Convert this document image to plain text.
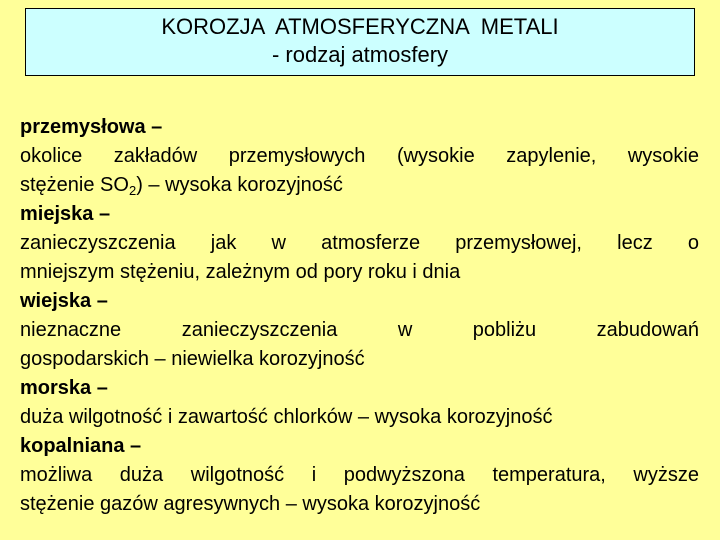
KOROZJA  ATMOSFERYCZNA  METALI
- rodzaj atmosfery
przemysłowa –
okolice zakładów przemysłowych (wysokie zapylenie, wysokie
stężenie $SO_2$) – wysoka korozyjność
miejska –
zanieczyszczenia jak w atmosferze przemysłowej, lecz o
mniejszym stężeniu, zależnym od pory roku i dnia
wiejska –
nieznaczne zanieczyszczenia w pobliżu zabudowań
gospodarskich – niewielka korozyjność
morska –
duża wilgotność i zawartość chlorków – wysoka korozyjność
kopalniana –
możliwa duża wilgotność i podwyższona temperatura, wyższe
stężenie gazów agresywnych – wysoka korozyjność
